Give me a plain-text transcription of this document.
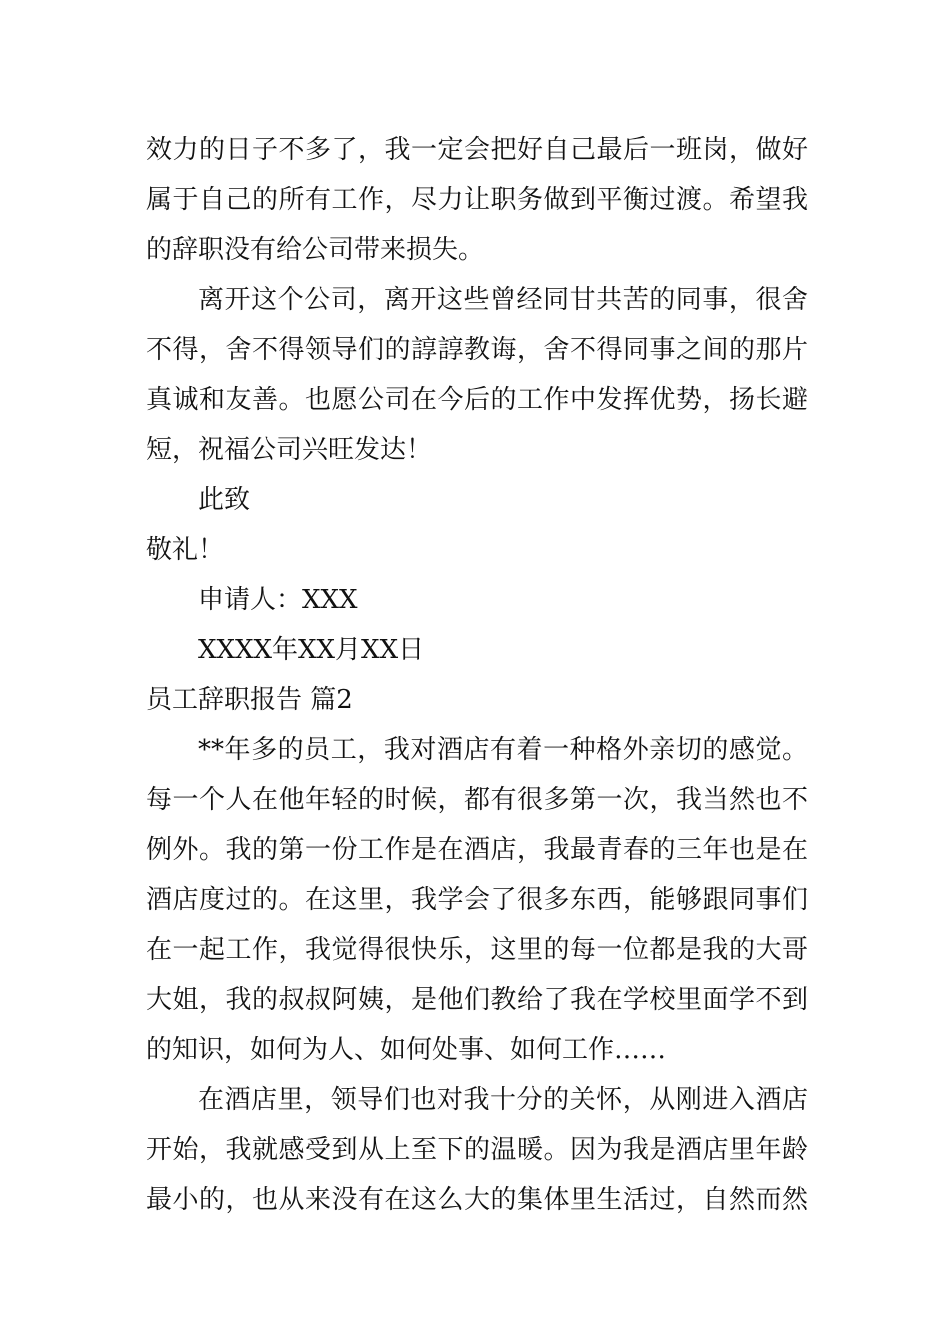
效力的日子不多了，我一定会把好自己最后一班岗，做好
属于自己的所有工作，尽力让职务做到平衡过渡。希望我
的辞职没有给公司带来损失。
离开这个公司，离开这些曾经同甘共苦的同事，很舍
不得，舍不得领导们的諄諄教诲，舍不得同事之间的那片
真诚和友善。也愿公司在今后的工作中发挥优势，扬长避
短，祝福公司兴旺发达！
此致
敬礼！
申请人：XXX
XXXX年XX月XX日
员工辞职报告 篇2
**年多的员工，我对酒店有着一种格外亲切的感觉。
每一个人在他年轻的时候，都有很多第一次，我当然也不
例外。我的第一份工作是在酒店，我最青春的三年也是在
酒店度过的。在这里，我学会了很多东西，能够跟同事们
在一起工作，我觉得很快乐，这里的每一位都是我的大哥
大姐，我的叔叔阿姨，是他们教给了我在学校里面学不到
的知识，如何为人、如何处事、如何工作……
在酒店里，领导们也对我十分的关怀，从刚进入酒店
开始，我就感受到从上至下的温暖。因为我是酒店里年龄
最小的，也从来没有在这么大的集体里生活过，自然而然
